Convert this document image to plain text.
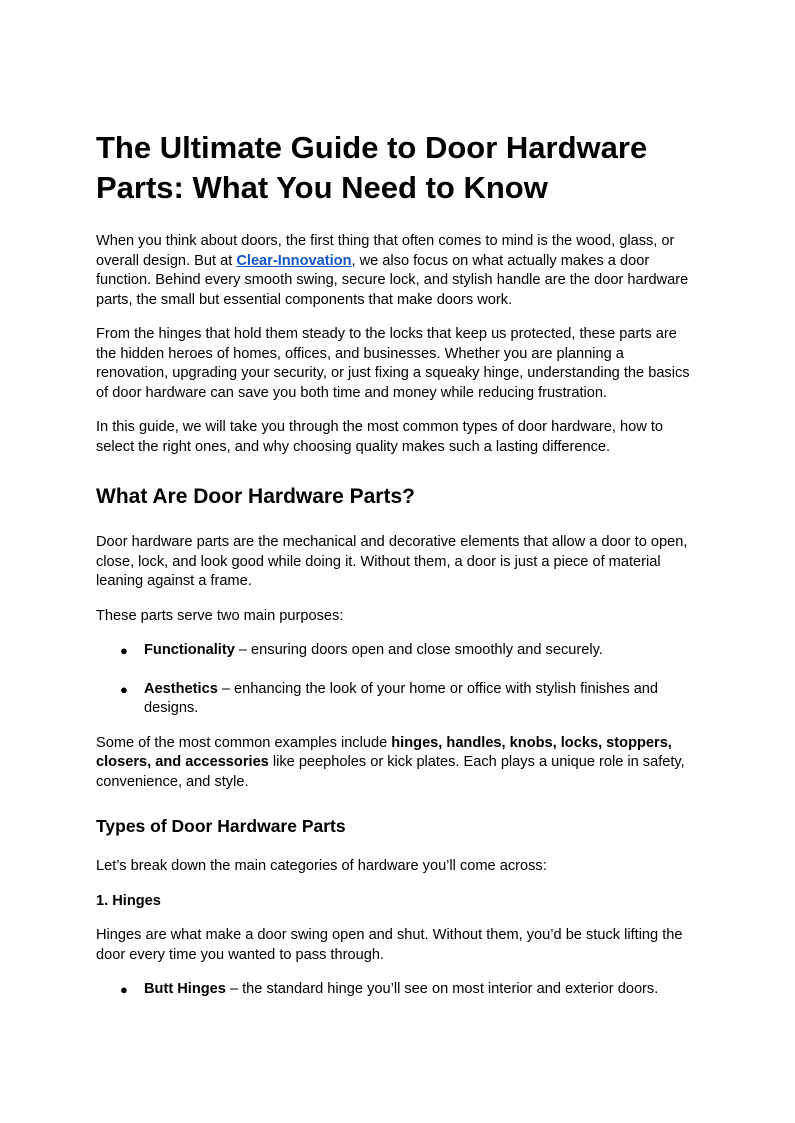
The Ultimate Guide to Door Hardware Parts: What You Need to Know

When you think about doors, the first thing that often comes to mind is the wood, glass, or overall design. But at Clear-Innovation, we also focus on what actually makes a door function. Behind every smooth swing, secure lock, and stylish handle are the door hardware parts, the small but essential components that make doors work.

From the hinges that hold them steady to the locks that keep us protected, these parts are the hidden heroes of homes, offices, and businesses. Whether you are planning a renovation, upgrading your security, or just fixing a squeaky hinge, understanding the basics of door hardware can save you both time and money while reducing frustration.

In this guide, we will take you through the most common types of door hardware, how to select the right ones, and why choosing quality makes such a lasting difference.

What Are Door Hardware Parts?

Door hardware parts are the mechanical and decorative elements that allow a door to open, close, lock, and look good while doing it. Without them, a door is just a piece of material leaning against a frame.

These parts serve two main purposes:

● Functionality – ensuring doors open and close smoothly and securely.
● Aesthetics – enhancing the look of your home or office with stylish finishes and designs.

Some of the most common examples include hinges, handles, knobs, locks, stoppers, closers, and accessories like peepholes or kick plates. Each plays a unique role in safety, convenience, and style.

Types of Door Hardware Parts

Let’s break down the main categories of hardware you’ll come across:

1. Hinges

Hinges are what make a door swing open and shut. Without them, you’d be stuck lifting the door every time you wanted to pass through.

● Butt Hinges – the standard hinge you’ll see on most interior and exterior doors.
